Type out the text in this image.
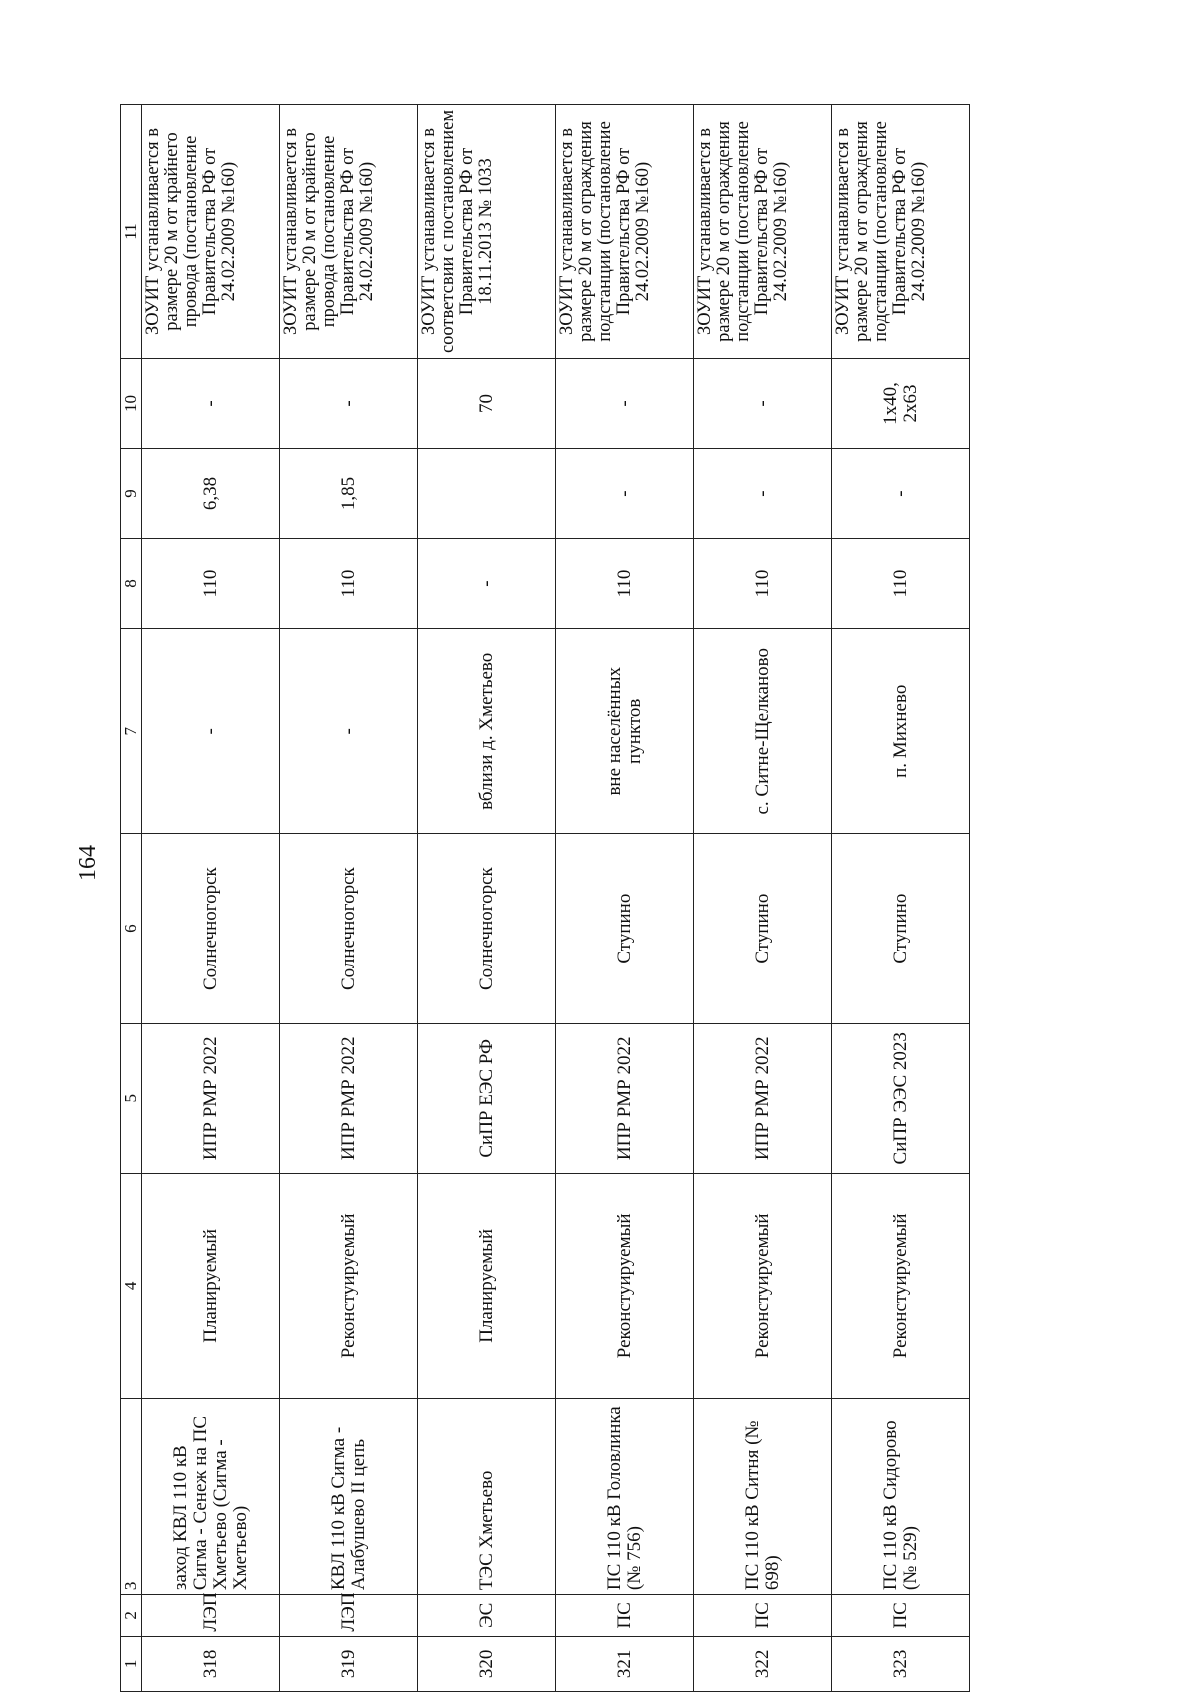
164
1	2	3	4	5	6	7	8	9	10	11
318	ЛЭП	заход КВЛ 110 кВ Сигма - Сенеж на ПС Хметьево (Сигма - Хметьево)	Планируемый	ИПР РМР 2022	Солнечногорск	-	110	6,38	-	ЗОУИТ устанавливается в размере 20 м от крайнего провода (постановление Правительства РФ от 24.02.2009 №160)
319	ЛЭП	КВЛ 110 кВ Сигма - Алабушево II цепь	Реконстуируемый	ИПР РМР 2022	Солнечногорск	-	110	1,85	-	ЗОУИТ устанавливается в размере 20 м от крайнего провода (постановление Правительства РФ от 24.02.2009 №160)
320	ЭС	ТЭС Хметьево	Планируемый	СиПР ЕЭС РФ	Солнечногорск	вблизи д. Хметьево	-		70	ЗОУИТ устанавливается в соответсвии с постановлением Правительства РФ от 18.11.2013 № 1033
321	ПС	ПС 110 кВ Головлинка (№ 756)	Реконстуируемый	ИПР РМР 2022	Ступино	вне населённых пунктов	110	-	-	ЗОУИТ устанавливается в размере 20 м от ограждения подстанции (постановление Правительства РФ от 24.02.2009 №160)
322	ПС	ПС 110 кВ Ситня (№ 698)	Реконстуируемый	ИПР РМР 2022	Ступино	с. Ситне-Щелканово	110	-	-	ЗОУИТ устанавливается в размере 20 м от ограждения подстанции (постановление Правительства РФ от 24.02.2009 №160)
323	ПС	ПС 110 кВ Сидорово (№ 529)	Реконстуируемый	СиПР ЭЭС 2023	Ступино	п. Михнево	110	-	1х40, 2х63	ЗОУИТ устанавливается в размере 20 м от ограждения подстанции (постановление Правительства РФ от 24.02.2009 №160)
